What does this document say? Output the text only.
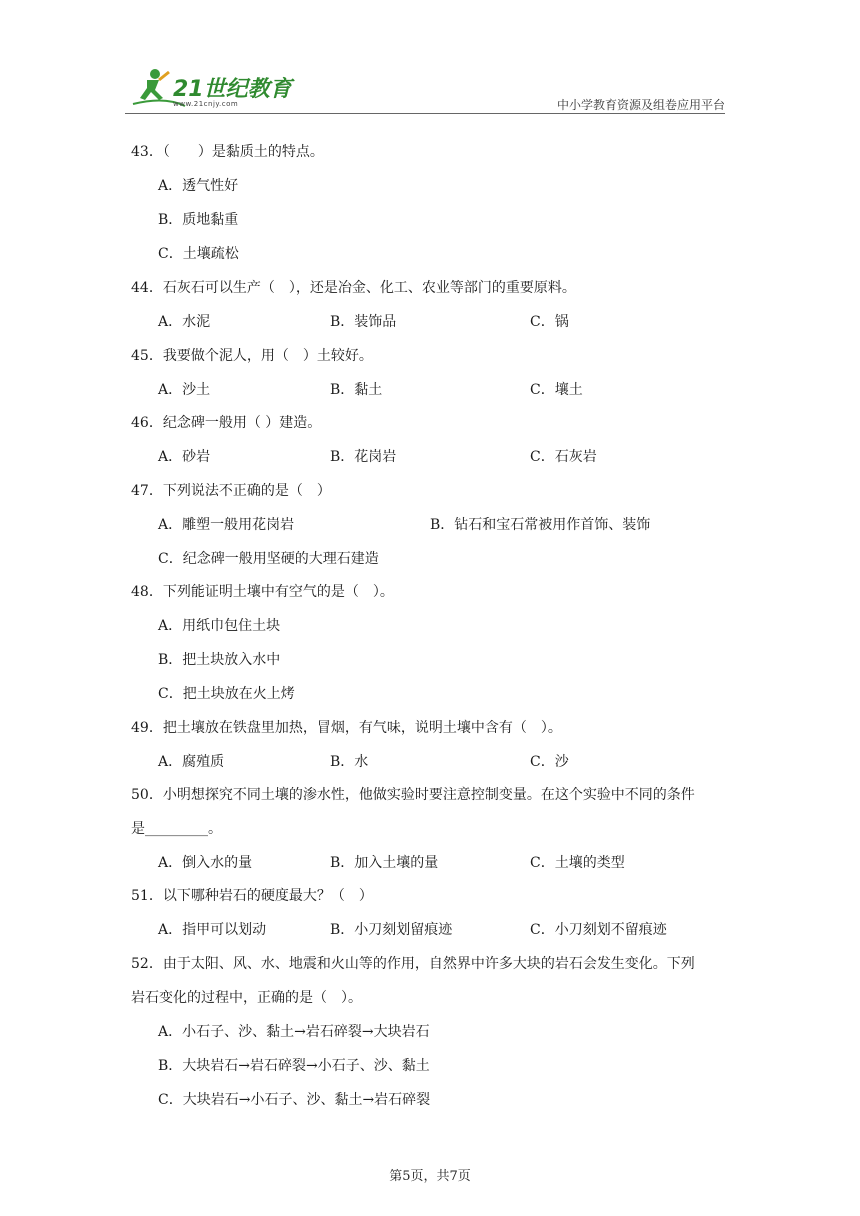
21世纪教育
www.21cnjy.com	中小学教育资源及组卷应用平台
43．（　　）是黏质土的特点。
A．透气性好
B．质地黏重
C．土壤疏松
44．石灰石可以生产（　），还是冶金、化工、农业等部门的重要原料。
A．水泥	B．装饰品	C．锅
45．我要做个泥人，用（　）土较好。
A．沙土	B．黏土	C．壤土
46．纪念碑一般用（ ）建造。
A．砂岩	B．花岗岩	C．石灰岩
47．下列说法不正确的是（　）
A．雕塑一般用花岗岩	B．钻石和宝石常被用作首饰、装饰
C．纪念碑一般用坚硬的大理石建造
48．下列能证明土壤中有空气的是（　）。
A．用纸巾包住土块
B．把土块放入水中
C．把土块放在火上烤
49．把土壤放在铁盘里加热，冒烟，有气味，说明土壤中含有（　）。
A．腐殖质	B．水	C．沙
50．小明想探究不同土壤的渗水性，他做实验时要注意控制变量。在这个实验中不同的条件
是_________。
A．倒入水的量	B．加入土壤的量	C．土壤的类型
51．以下哪种岩石的硬度最大？（　）
A．指甲可以划动	B．小刀刻划留痕迹	C．小刀刻划不留痕迹
52．由于太阳、风、水、地震和火山等的作用，自然界中许多大块的岩石会发生变化。下列
岩石变化的过程中，正确的是（　）。
A．小石子、沙、黏土→岩石碎裂→大块岩石
B．大块岩石→岩石碎裂→小石子、沙、黏土
C．大块岩石→小石子、沙、黏土→岩石碎裂
第5页，共7页
